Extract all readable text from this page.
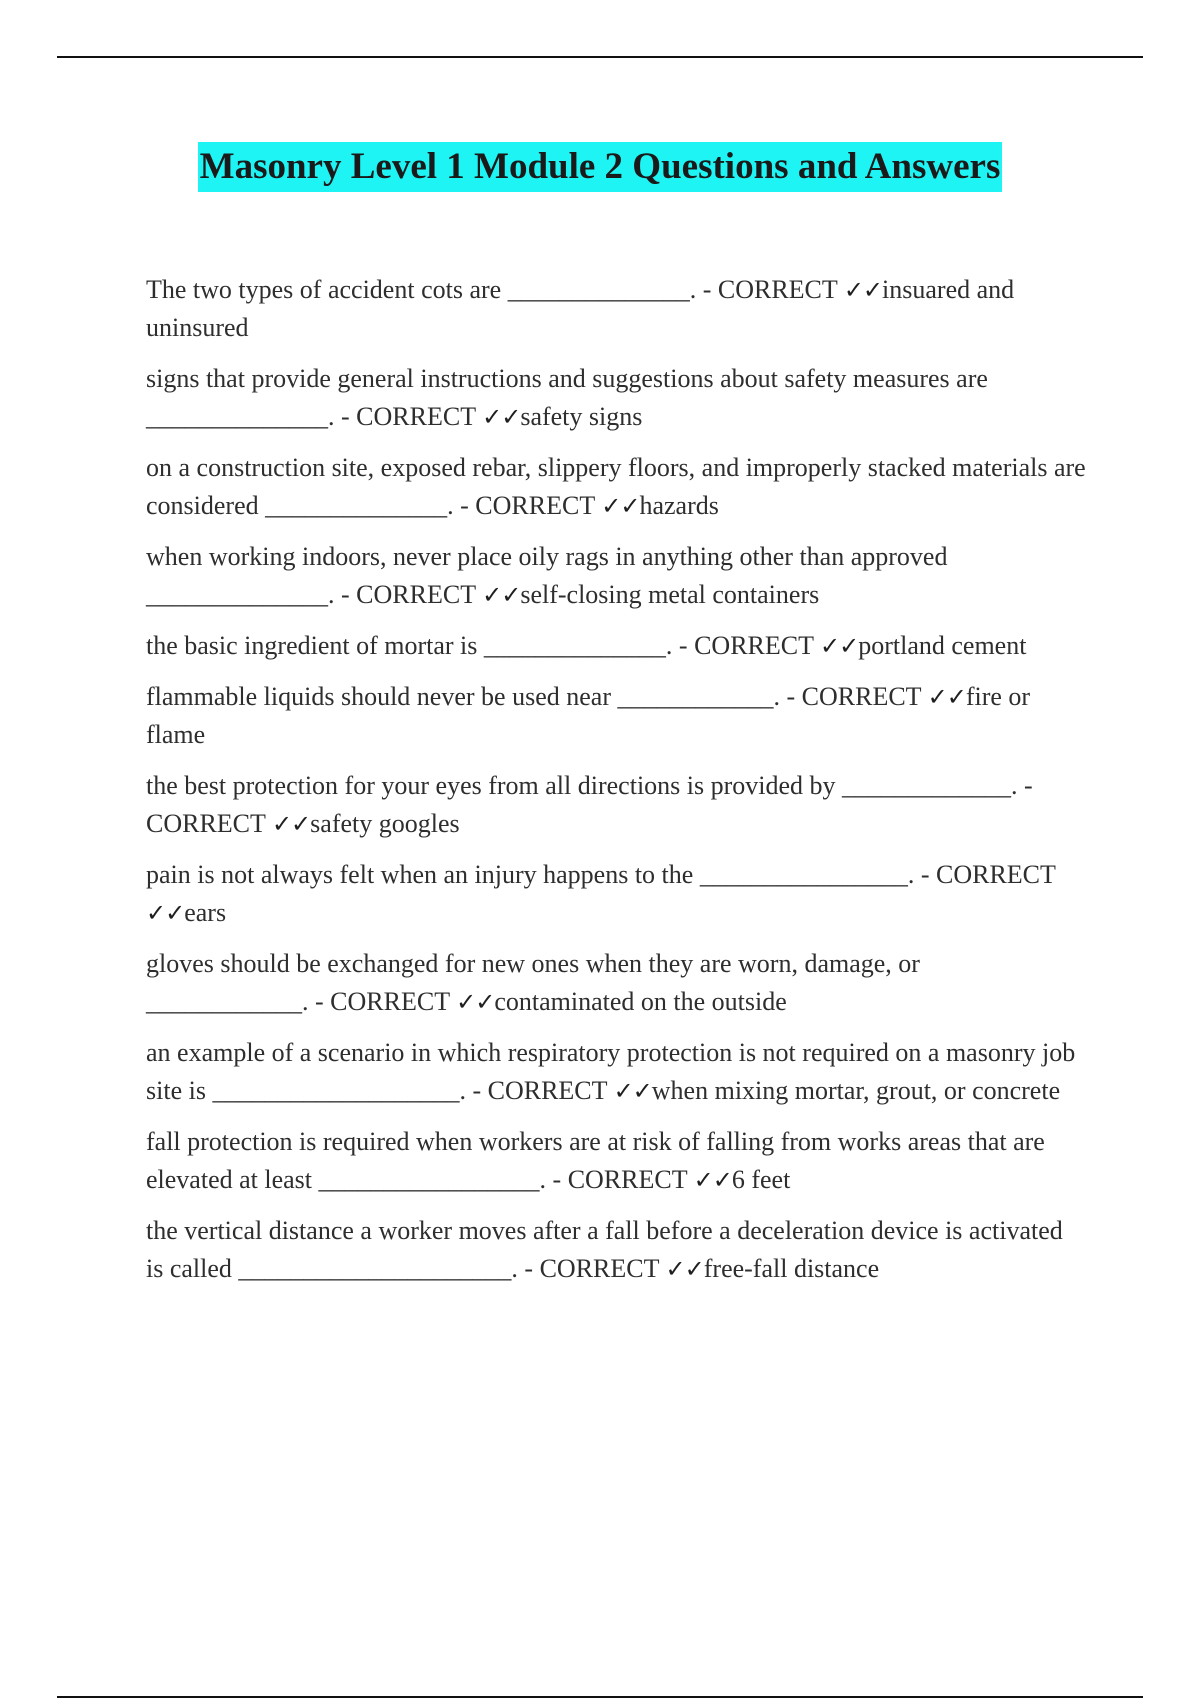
Masonry Level 1 Module 2 Questions and Answers
The two types of accident cots are ______________. - CORRECT ✓✓insuared and uninsured
signs that provide general instructions and suggestions about safety measures are ______________. - CORRECT ✓✓safety signs
on a construction site, exposed rebar, slippery floors, and improperly stacked materials are considered ______________. - CORRECT ✓✓hazards
when working indoors, never place oily rags in anything other than approved ______________. - CORRECT ✓✓self-closing metal containers
the basic ingredient of mortar is ______________. - CORRECT ✓✓portland cement
flammable liquids should never be used near ____________. - CORRECT ✓✓fire or flame
the best protection for your eyes from all directions is provided by _____________. - CORRECT ✓✓safety googles
pain is not always felt when an injury happens to the ________________. - CORRECT ✓✓ears
gloves should be exchanged for new ones when they are worn, damage, or ____________. - CORRECT ✓✓contaminated on the outside
an example of a scenario in which respiratory protection is not required on a masonry job site is ___________________. - CORRECT ✓✓when mixing mortar, grout, or concrete
fall protection is required when workers are at risk of falling from works areas that are elevated at least _________________. - CORRECT ✓✓6 feet
the vertical distance a worker moves after a fall before a deceleration device is activated is called _____________________. - CORRECT ✓✓free-fall distance
